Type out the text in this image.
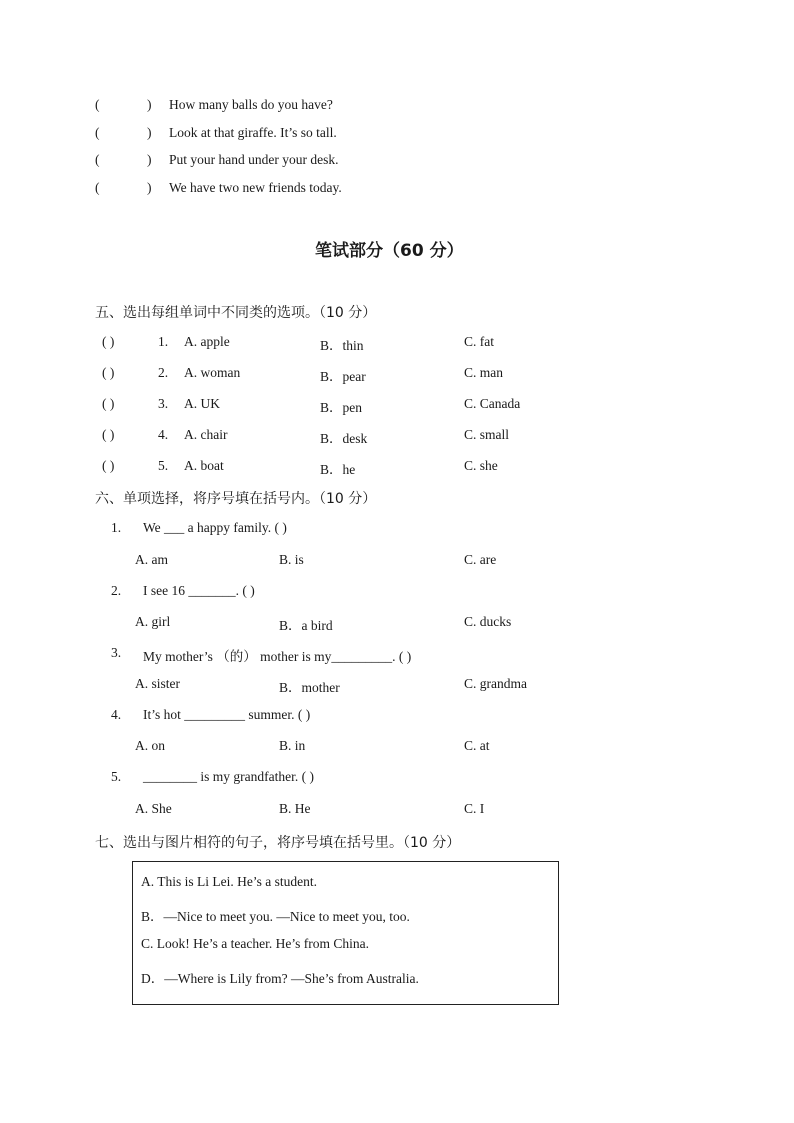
(	) How many balls do you have?
(	) Look at that giraffe. It’s so tall.
(	) Put your hand under your desk.
(	) We have two new friends today.
笔试部分（60 分）
五、选出每组单词中不同类的选项。（10 分）
( )	1. A. apple	B．thin	C. fat
( )	2. A. woman	B．pear	C. man
( )	3. A. UK	B．pen	C. Canada
( )	4. A. chair	B．desk	C. small
( )	5. A. boat	B．he	C. she
六、单项选择，将序号填在括号内。（10 分）
1. We ___ a happy family. ( )
A. am	B. is	C. are
2. I see 16 _______. ( )
A. girl	B．a bird	C. ducks
3. My mother’s （的） mother is my_________. ( )
A. sister	B．mother	C. grandma
4. It’s hot _________ summer. ( )
A. on	B. in	C. at
5. ________ is my grandfather. ( )
A. She	B. He	C. I
七、选出与图片相符的句子，将序号填在括号里。（10 分）
A. This is Li Lei. He’s a student.
B．—Nice to meet you. —Nice to meet you, too.
C. Look! He’s a teacher. He’s from China.
D．—Where is Lily from? —She’s from Australia.
